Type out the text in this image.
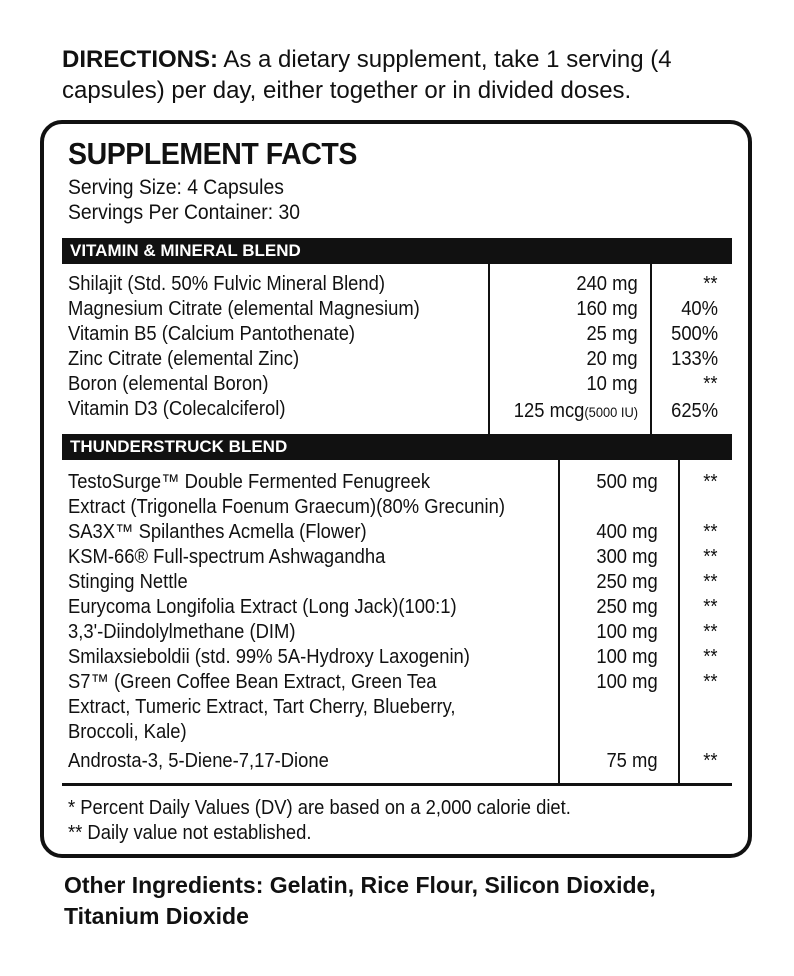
DIRECTIONS: As a dietary supplement, take 1 serving (4 capsules) per day, either together or in divided doses.
SUPPLEMENT FACTS
Serving Size: 4 Capsules
Servings Per Container: 30
VITAMIN & MINERAL BLEND
Shilajit (Std. 50% Fulvic Mineral Blend)
Magnesium Citrate (elemental Magnesium)
Vitamin B5 (Calcium Pantothenate)
Zinc Citrate (elemental Zinc)
Boron (elemental Boron)
Vitamin D3 (Colecalciferol)
240 mg
160 mg
25 mg
20 mg
10 mg
125 mcg(5000 IU)
**
40%
500%
133%
**
625%
THUNDERSTRUCK BLEND
TestoSurge™ Double Fermented Fenugreek
Extract (Trigonella Foenum Graecum)(80% Grecunin)
SA3X™ Spilanthes Acmella (Flower)
KSM-66® Full-spectrum Ashwagandha
Stinging Nettle
Eurycoma Longifolia Extract (Long Jack)(100:1)
3,3'-Diindolylmethane (DIM)
Smilaxsieboldii (std. 99% 5A-Hydroxy Laxogenin)
S7™ (Green Coffee Bean Extract, Green Tea
Extract, Tumeric Extract, Tart Cherry, Blueberry,
Broccoli, Kale)
Androsta-3, 5-Diene-7,17-Dione
500 mg
400 mg
300 mg
250 mg
250 mg
100 mg
100 mg
100 mg
75 mg
**
**
**
**
**
**
**
**
**
* Percent Daily Values (DV) are based on a 2,000 calorie diet.
** Daily value not established.
Other Ingredients: Gelatin, Rice Flour, Silicon Dioxide, Titanium Dioxide
